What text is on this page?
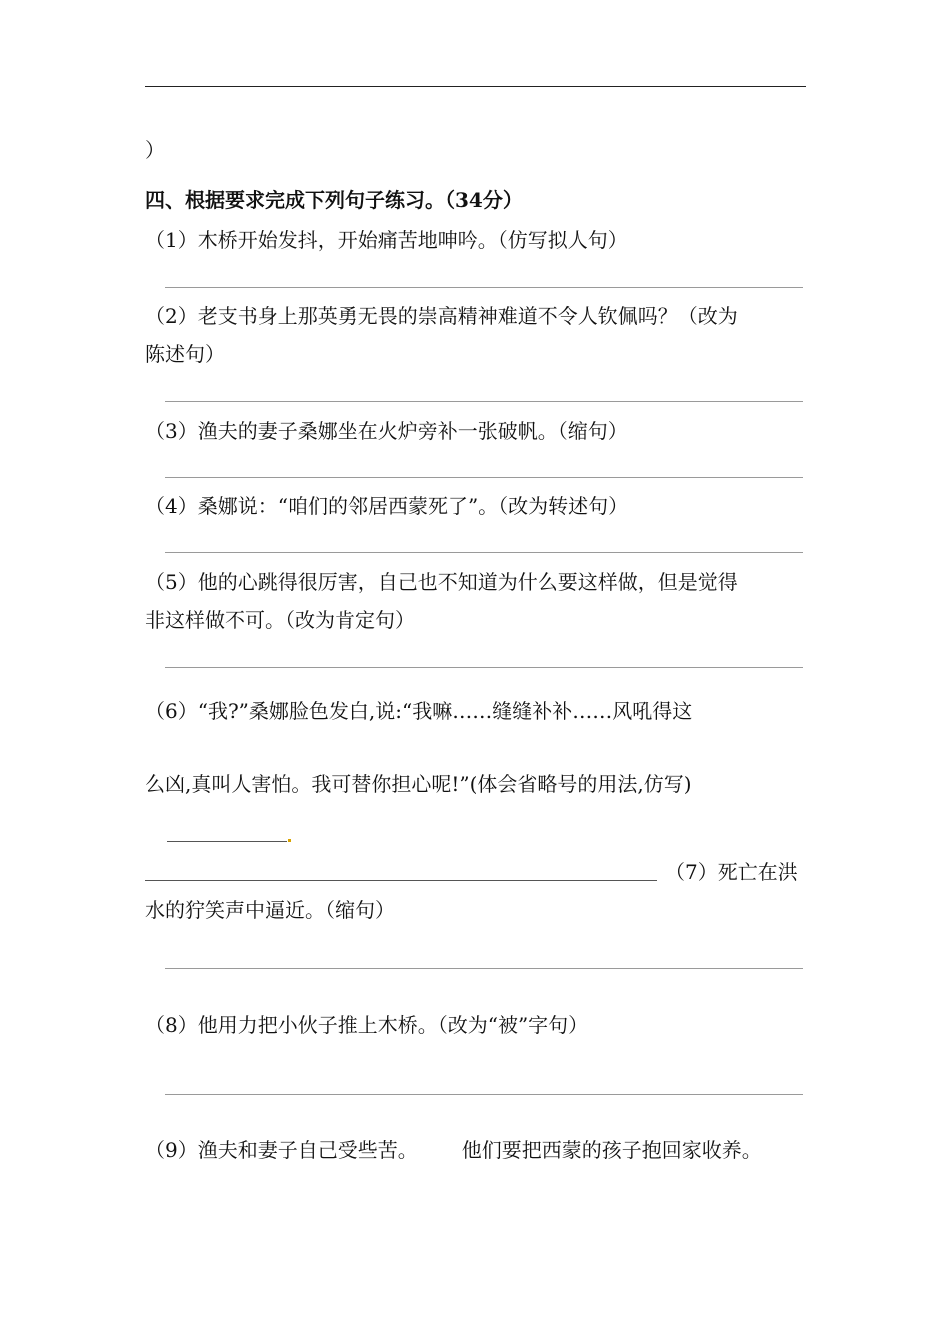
）
四、根据要求完成下列句子练习。（34分）
（1）木桥开始发抖，开始痛苦地呻吟。（仿写拟人句）
（2）老支书身上那英勇无畏的崇高精神难道不令人钦佩吗？（改为
陈述句）
（3）渔夫的妻子桑娜坐在火炉旁补一张破帆。（缩句）
（4）桑娜说：“咱们的邻居西蒙死了”。（改为转述句）
（5）他的心跳得很厉害，自己也不知道为什么要这样做，但是觉得
非这样做不可。（改为肯定句）
（6）“我?”桑娜脸色发白,说:“我嘛……缝缝补补……风吼得这
么凶,真叫人害怕。我可替你担心呢!”(体会省略号的用法,仿写)
（7）死亡在洪
水的狞笑声中逼近。（缩句）
（8）他用力把小伙子推上木桥。（改为“被”字句）
（9）渔夫和妻子自己受些苦。 他们要把西蒙的孩子抱回家收养。
